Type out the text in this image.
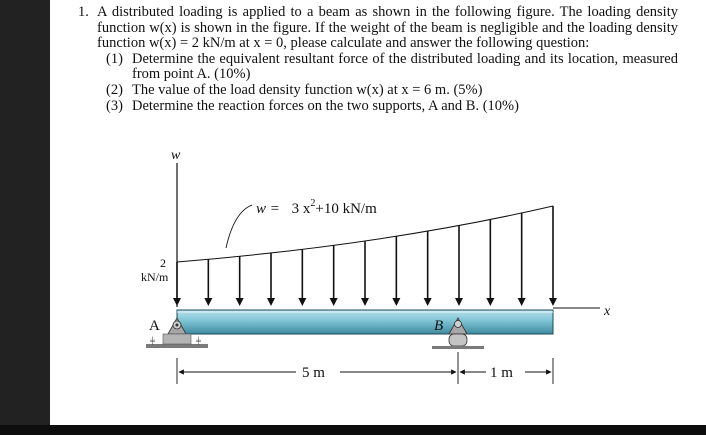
1. A distributed loading is applied to a beam as shown in the following figure. The loading density function w(x) is shown in the figure. If the weight of the beam is negligible and the loading density function w(x) = 2 kN/m at x = 0, please calculate and answer the following question:
(1) Determine the equivalent resultant force of the distributed loading and its location, measured from point A. (10%)
(2) The value of the load density function w(x) at x = 6 m. (5%)
(3) Determine the reaction forces on the two supports, A and B. (10%)
w
w = 3 $x^2+10$ kN/m
2
kN/m
x
╪	╪
A	B
5 m	1 m
